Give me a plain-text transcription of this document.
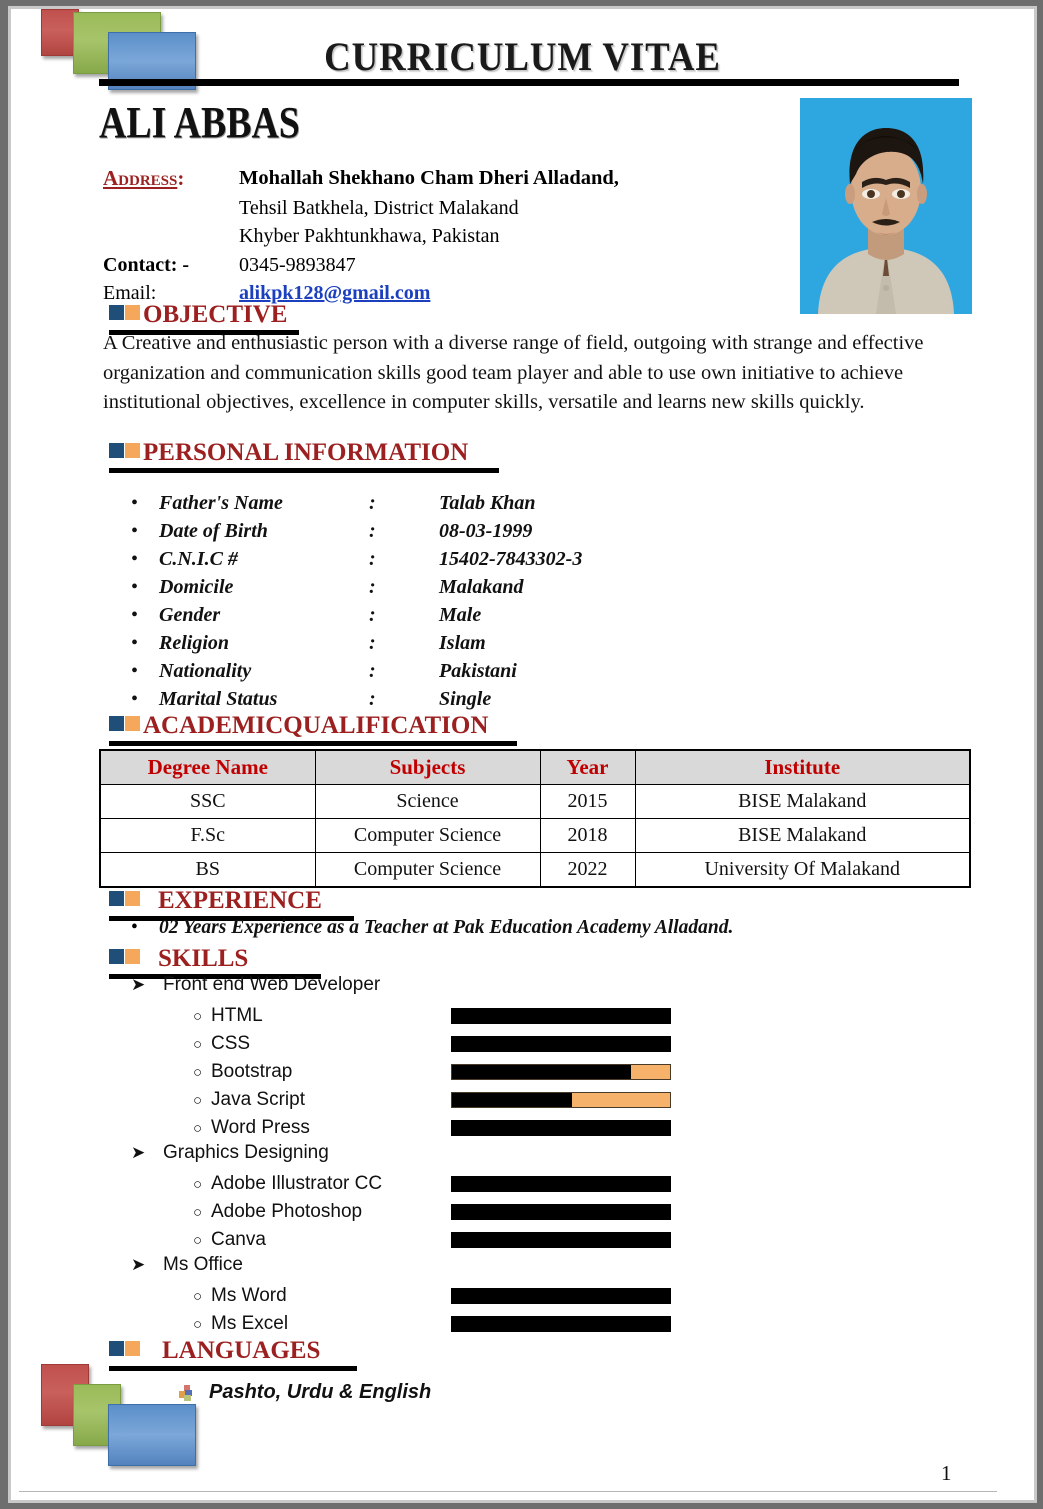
CURRICULUM VITAE
ALI ABBAS
Address:	Mohallah Shekhano Cham Dheri Alladand,
Tehsil Batkhela, District Malakand
Khyber Pakhtunkhawa, Pakistan
Contact: -	0345-9893847
Email:	alikpk128@gmail.com
OBJECTIVE
A Creative and enthusiastic person with a diverse range of field, outgoing with strange and effective organization and communication skills good team player and able to use own initiative to achieve institutional objectives, excellence in computer skills, versatile and learns new skills quickly.
PERSONAL INFORMATION
•	Father's Name	:	Talab Khan
•	Date of Birth	:	08-03-1999
•	C.N.I.C #	:	15402-7843302-3
•	Domicile	:	Malakand
•	Gender	:	Male
•	Religion	:	Islam
•	Nationality	:	Pakistani
•	Marital Status	:	Single
ACADEMICQUALIFICATION
Degree Name	Subjects	Year	Institute
SSC	Science	2015	BISE Malakand
F.Sc	Computer Science	2018	BISE Malakand
BS	Computer Science	2022	University Of Malakand
EXPERIENCE
•	02 Years Experience as a Teacher at Pak Education Academy Alladand.
SKILLS
➤ Front end Web Developer
○ HTML
○ CSS
○ Bootstrap
○ Java Script
○ Word Press
➤ Graphics Designing
○ Adobe Illustrator CC
○ Adobe Photoshop
○ Canva
➤ Ms Office
○ Ms Word
○ Ms Excel
LANGUAGES
Pashto, Urdu & English
1
